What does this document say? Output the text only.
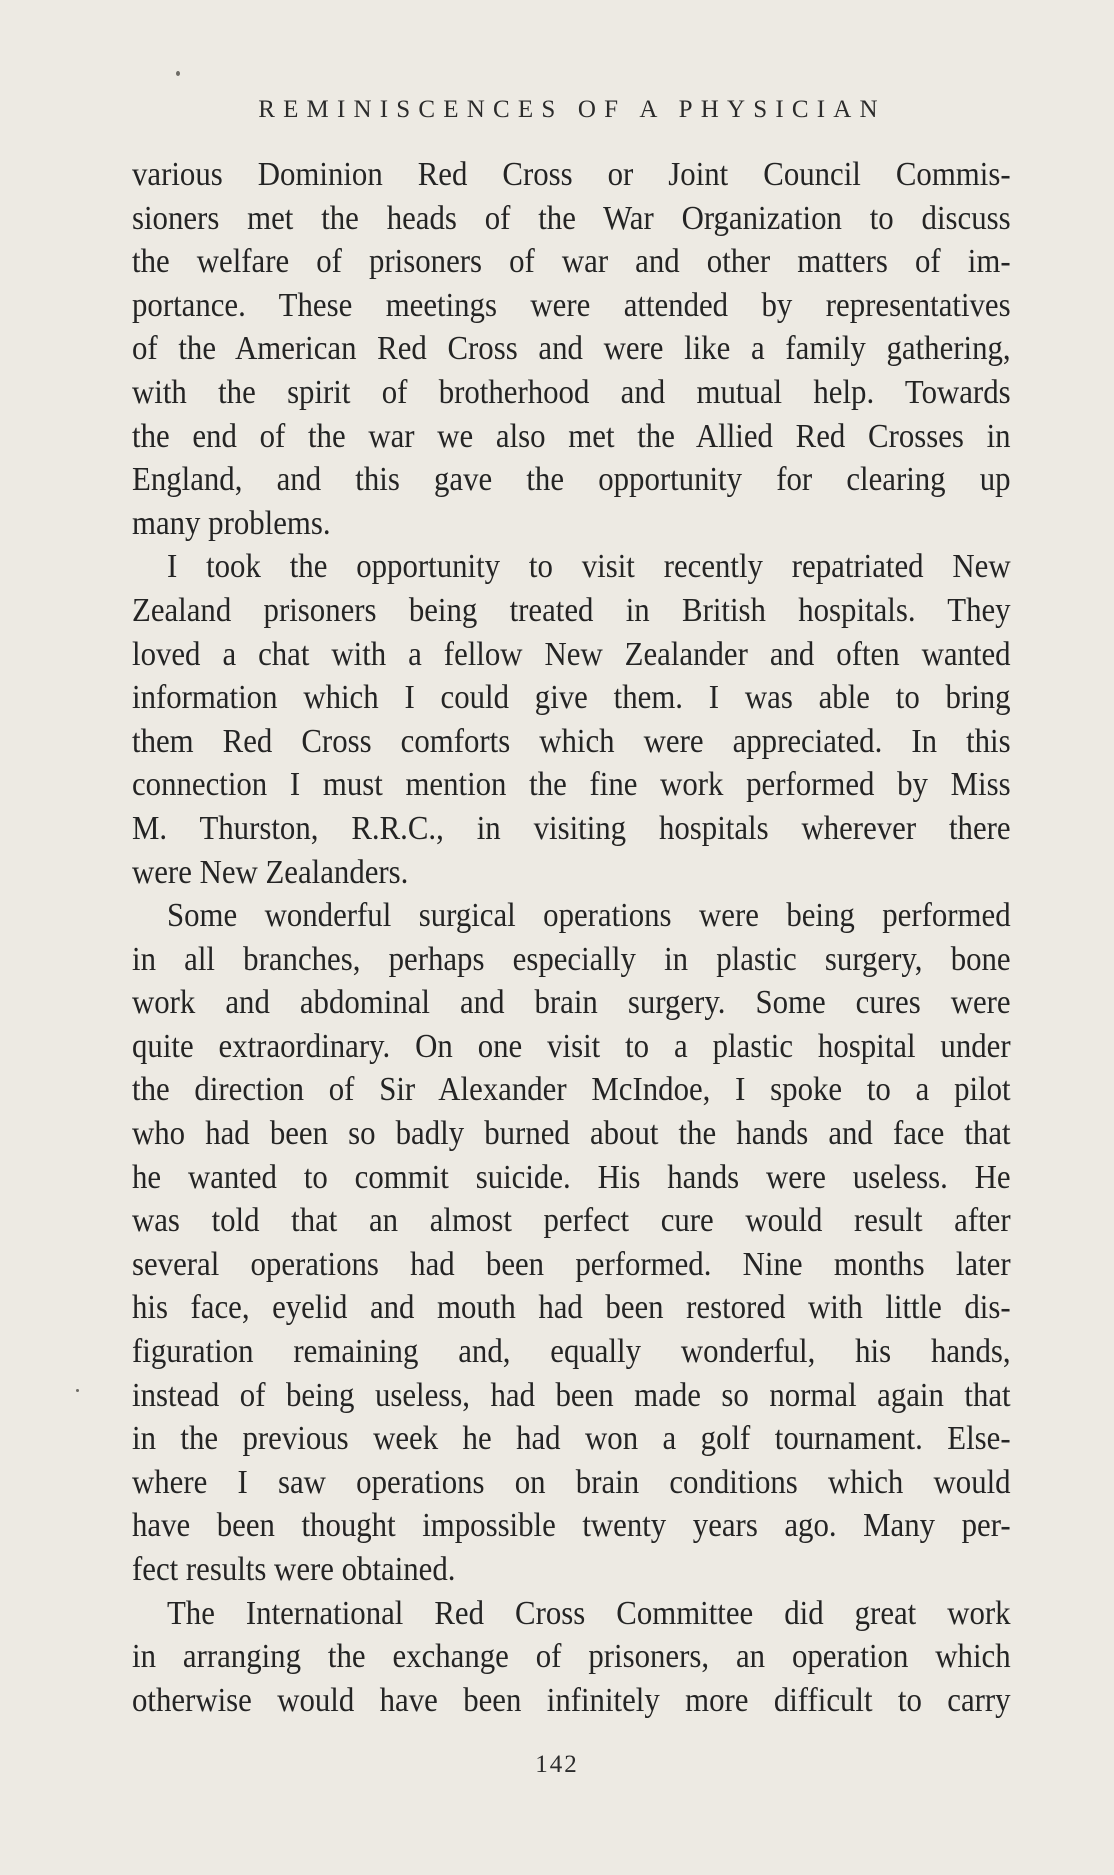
REMINISCENCES OF A PHYSICIAN
various Dominion Red Cross or Joint Council Commis-
sioners met the heads of the War Organization to discuss
the welfare of prisoners of war and other matters of im-
portance. These meetings were attended by representatives
of the American Red Cross and were like a family gathering,
with the spirit of brotherhood and mutual help. Towards
the end of the war we also met the Allied Red Crosses in
England, and this gave the opportunity for clearing up
many problems.
I took the opportunity to visit recently repatriated New
Zealand prisoners being treated in British hospitals. They
loved a chat with a fellow New Zealander and often wanted
information which I could give them. I was able to bring
them Red Cross comforts which were appreciated. In this
connection I must mention the fine work performed by Miss
M. Thurston, R.R.C., in visiting hospitals wherever there
were New Zealanders.
Some wonderful surgical operations were being performed
in all branches, perhaps especially in plastic surgery, bone
work and abdominal and brain surgery. Some cures were
quite extraordinary. On one visit to a plastic hospital under
the direction of Sir Alexander McIndoe, I spoke to a pilot
who had been so badly burned about the hands and face that
he wanted to commit suicide. His hands were useless. He
was told that an almost perfect cure would result after
several operations had been performed. Nine months later
his face, eyelid and mouth had been restored with little dis-
figuration remaining and, equally wonderful, his hands,
instead of being useless, had been made so normal again that
in the previous week he had won a golf tournament. Else-
where I saw operations on brain conditions which would
have been thought impossible twenty years ago. Many per-
fect results were obtained.
The International Red Cross Committee did great work
in arranging the exchange of prisoners, an operation which
otherwise would have been infinitely more difficult to carry
142
